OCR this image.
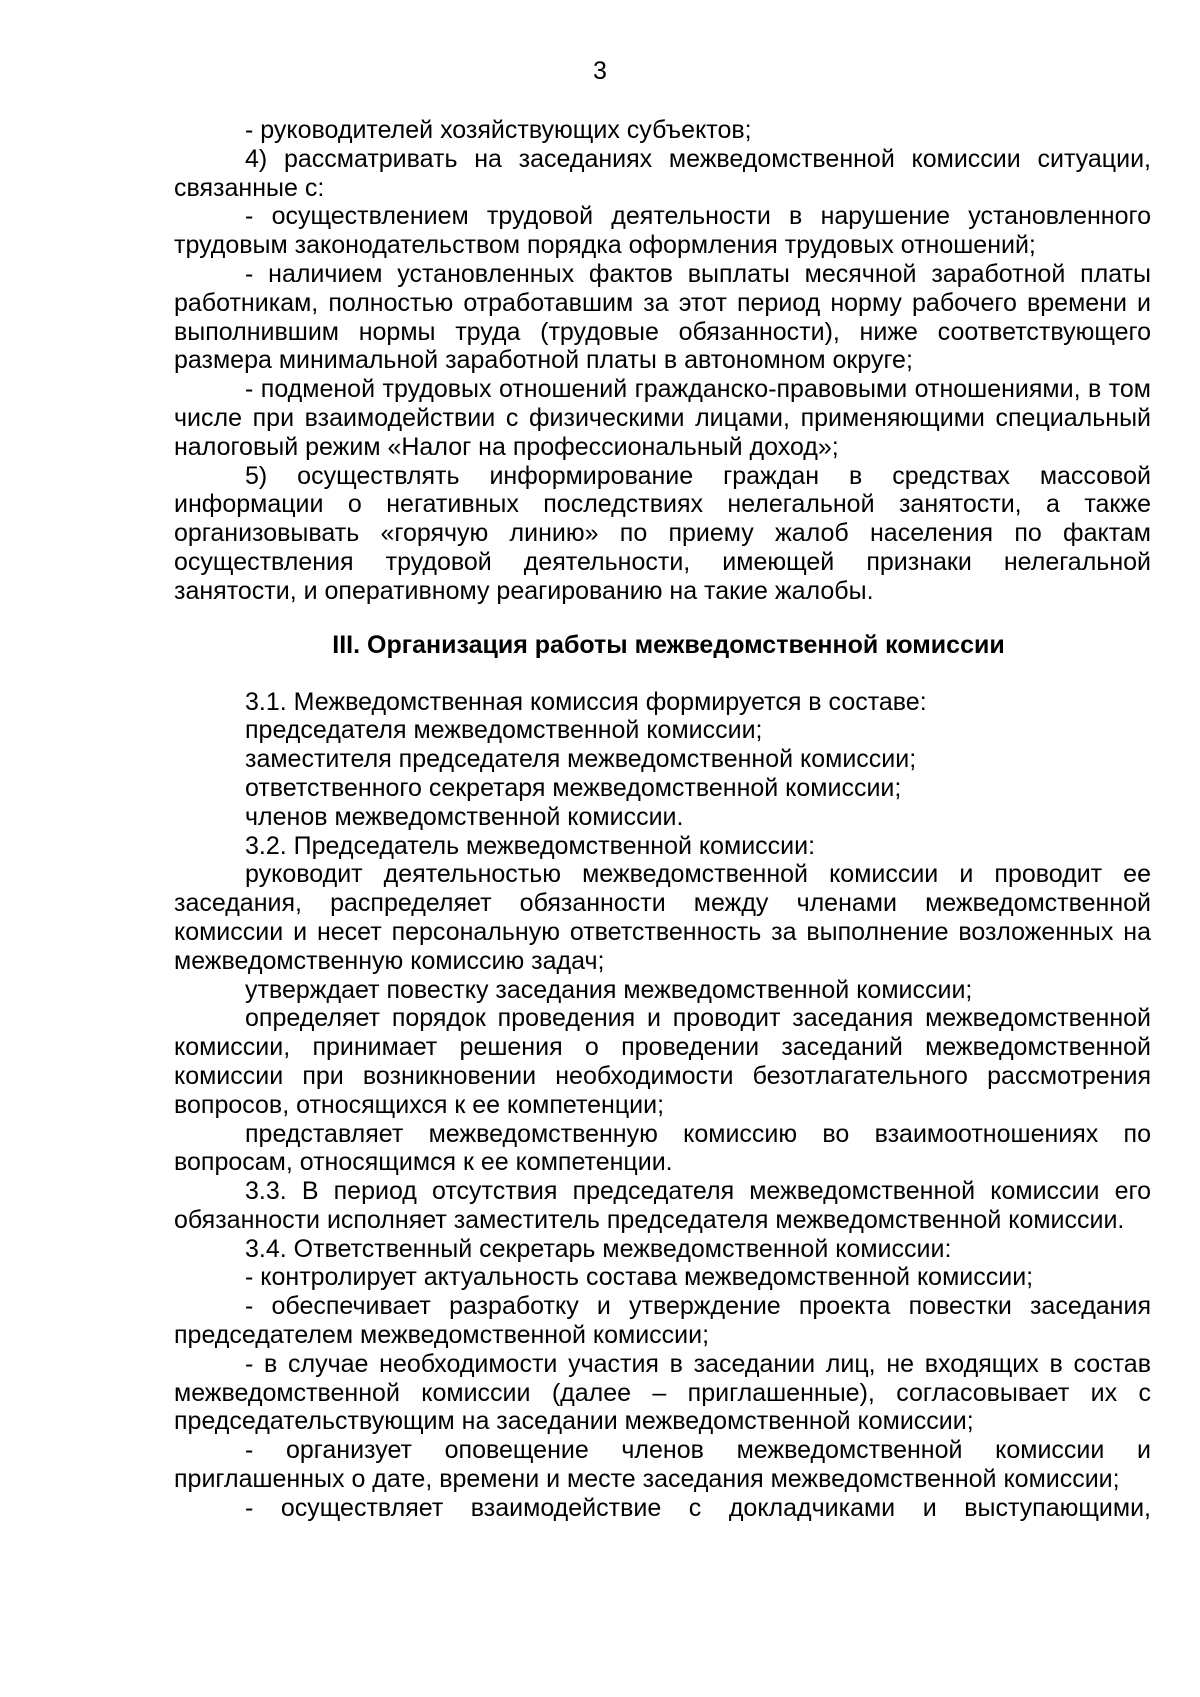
3

- руководителей хозяйствующих субъектов;

4) рассматривать на заседаниях межведомственной комиссии ситуации, связанные с:

- осуществлением трудовой деятельности в нарушение установленного трудовым законодательством порядка оформления трудовых отношений;

- наличием установленных фактов выплаты месячной заработной платы работникам, полностью отработавшим за этот период норму рабочего времени и выполнившим нормы труда (трудовые обязанности), ниже соответствующего размера минимальной заработной платы в автономном округе;

- подменой трудовых отношений гражданско-правовыми отношениями, в том числе при взаимодействии с физическими лицами, применяющими специальный налоговый режим «Налог на профессиональный доход»;

5) осуществлять информирование граждан в средствах массовой информации о негативных последствиях нелегальной занятости, а также организовывать «горячую линию» по приему жалоб населения по фактам осуществления трудовой деятельности, имеющей признаки нелегальной занятости, и оперативному реагированию на такие жалобы.

III. Организация работы межведомственной комиссии

3.1. Межведомственная комиссия формируется в составе:

председателя межведомственной комиссии;

заместителя председателя межведомственной комиссии;

ответственного секретаря межведомственной комиссии;

членов межведомственной комиссии.

3.2. Председатель межведомственной комиссии:

руководит деятельностью межведомственной комиссии и проводит ее заседания, распределяет обязанности между членами межведомственной комиссии и несет персональную ответственность за выполнение возложенных на межведомственную комиссию задач;

утверждает повестку заседания межведомственной комиссии;

определяет порядок проведения и проводит заседания межведомственной комиссии, принимает решения о проведении заседаний межведомственной комиссии при возникновении необходимости безотлагательного рассмотрения вопросов, относящихся к ее компетенции;

представляет межведомственную комиссию во взаимоотношениях по вопросам, относящимся к ее компетенции.

3.3. В период отсутствия председателя межведомственной комиссии его обязанности исполняет заместитель председателя межведомственной комиссии.

3.4. Ответственный секретарь межведомственной комиссии:

- контролирует актуальность состава межведомственной комиссии;

- обеспечивает разработку и утверждение проекта повестки заседания председателем межведомственной комиссии;

- в случае необходимости участия в заседании лиц, не входящих в состав межведомственной комиссии (далее – приглашенные), согласовывает их с председательствующим на заседании межведомственной комиссии;

- организует оповещение членов межведомственной комиссии и приглашенных о дате, времени и месте заседания межведомственной комиссии;

- осуществляет взаимодействие с докладчиками и выступающими,
